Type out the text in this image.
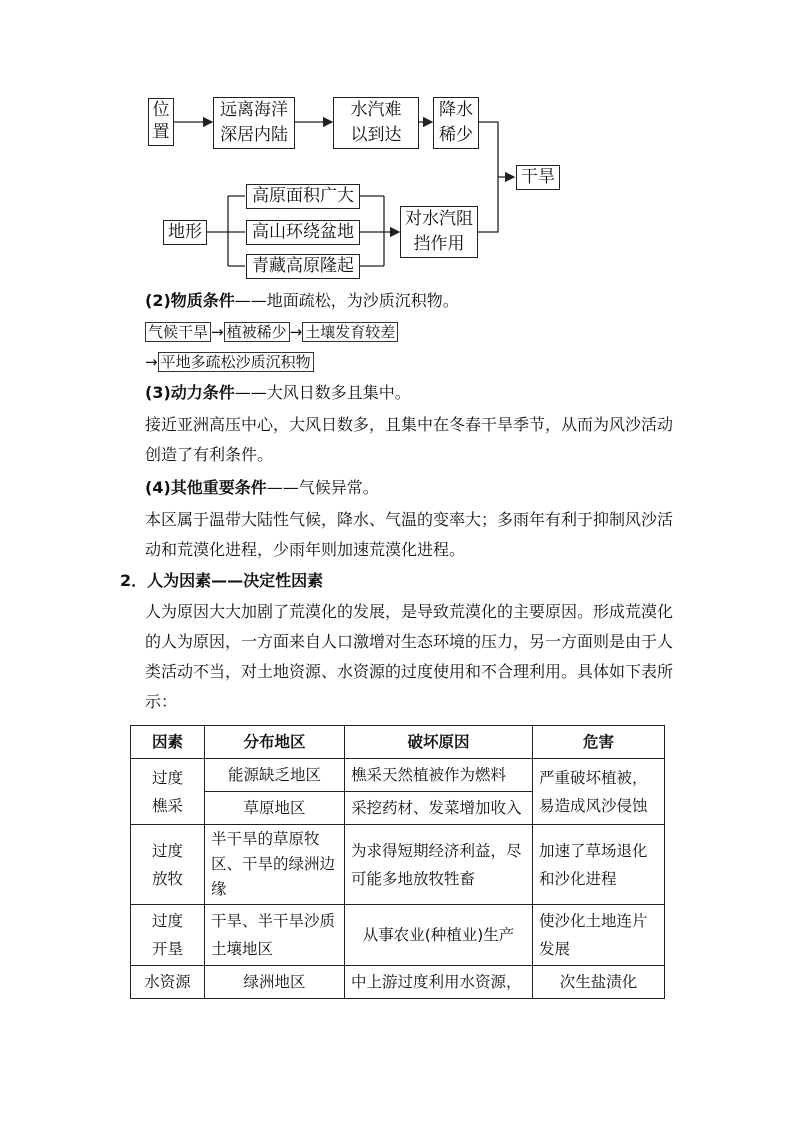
位
置
远离海洋
深居内陆
水汽难
以到达
降水
稀少
干旱
地形
高原面积广大
高山环绕盆地
青藏高原隆起
对水汽阻
挡作用
(2)物质条件——地面疏松，为沙质沉积物。
气候干旱 → 植被稀少 → 土壤发育较差
→ 平地多疏松沙质沉积物
(3)动力条件——大风日数多且集中。
接近亚洲高压中心，大风日数多，且集中在冬春干旱季节，从而为风沙活动创造了有利条件。
(4)其他重要条件——气候异常。
本区属于温带大陆性气候，降水、气温的变率大；多雨年有利于抑制风沙活动和荒漠化进程，少雨年则加速荒漠化进程。
2．人为因素——决定性因素
人为原因大大加剧了荒漠化的发展，是导致荒漠化的主要原因。形成荒漠化的人为原因，一方面来自人口激增对生态环境的压力，另一方面则是由于人类活动不当，对土地资源、水资源的过度使用和不合理利用。具体如下表所示：
因素	分布地区	破坏原因	危害
过度
樵采	能源缺乏地区	樵采天然植被作为燃料	严重破坏植被，易造成风沙侵蚀
	草原地区	采挖药材、发菜增加收入	
过度
放牧	半干旱的草原牧区、干旱的绿洲边缘	为求得短期经济利益，尽可能多地放牧牲畜	加速了草场退化和沙化进程
过度
开垦	干旱、半干旱沙质土壤地区	从事农业(种植业)生产	使沙化土地连片发展
水资源	绿洲地区	中上游过度利用水资源，	次生盐渍化
